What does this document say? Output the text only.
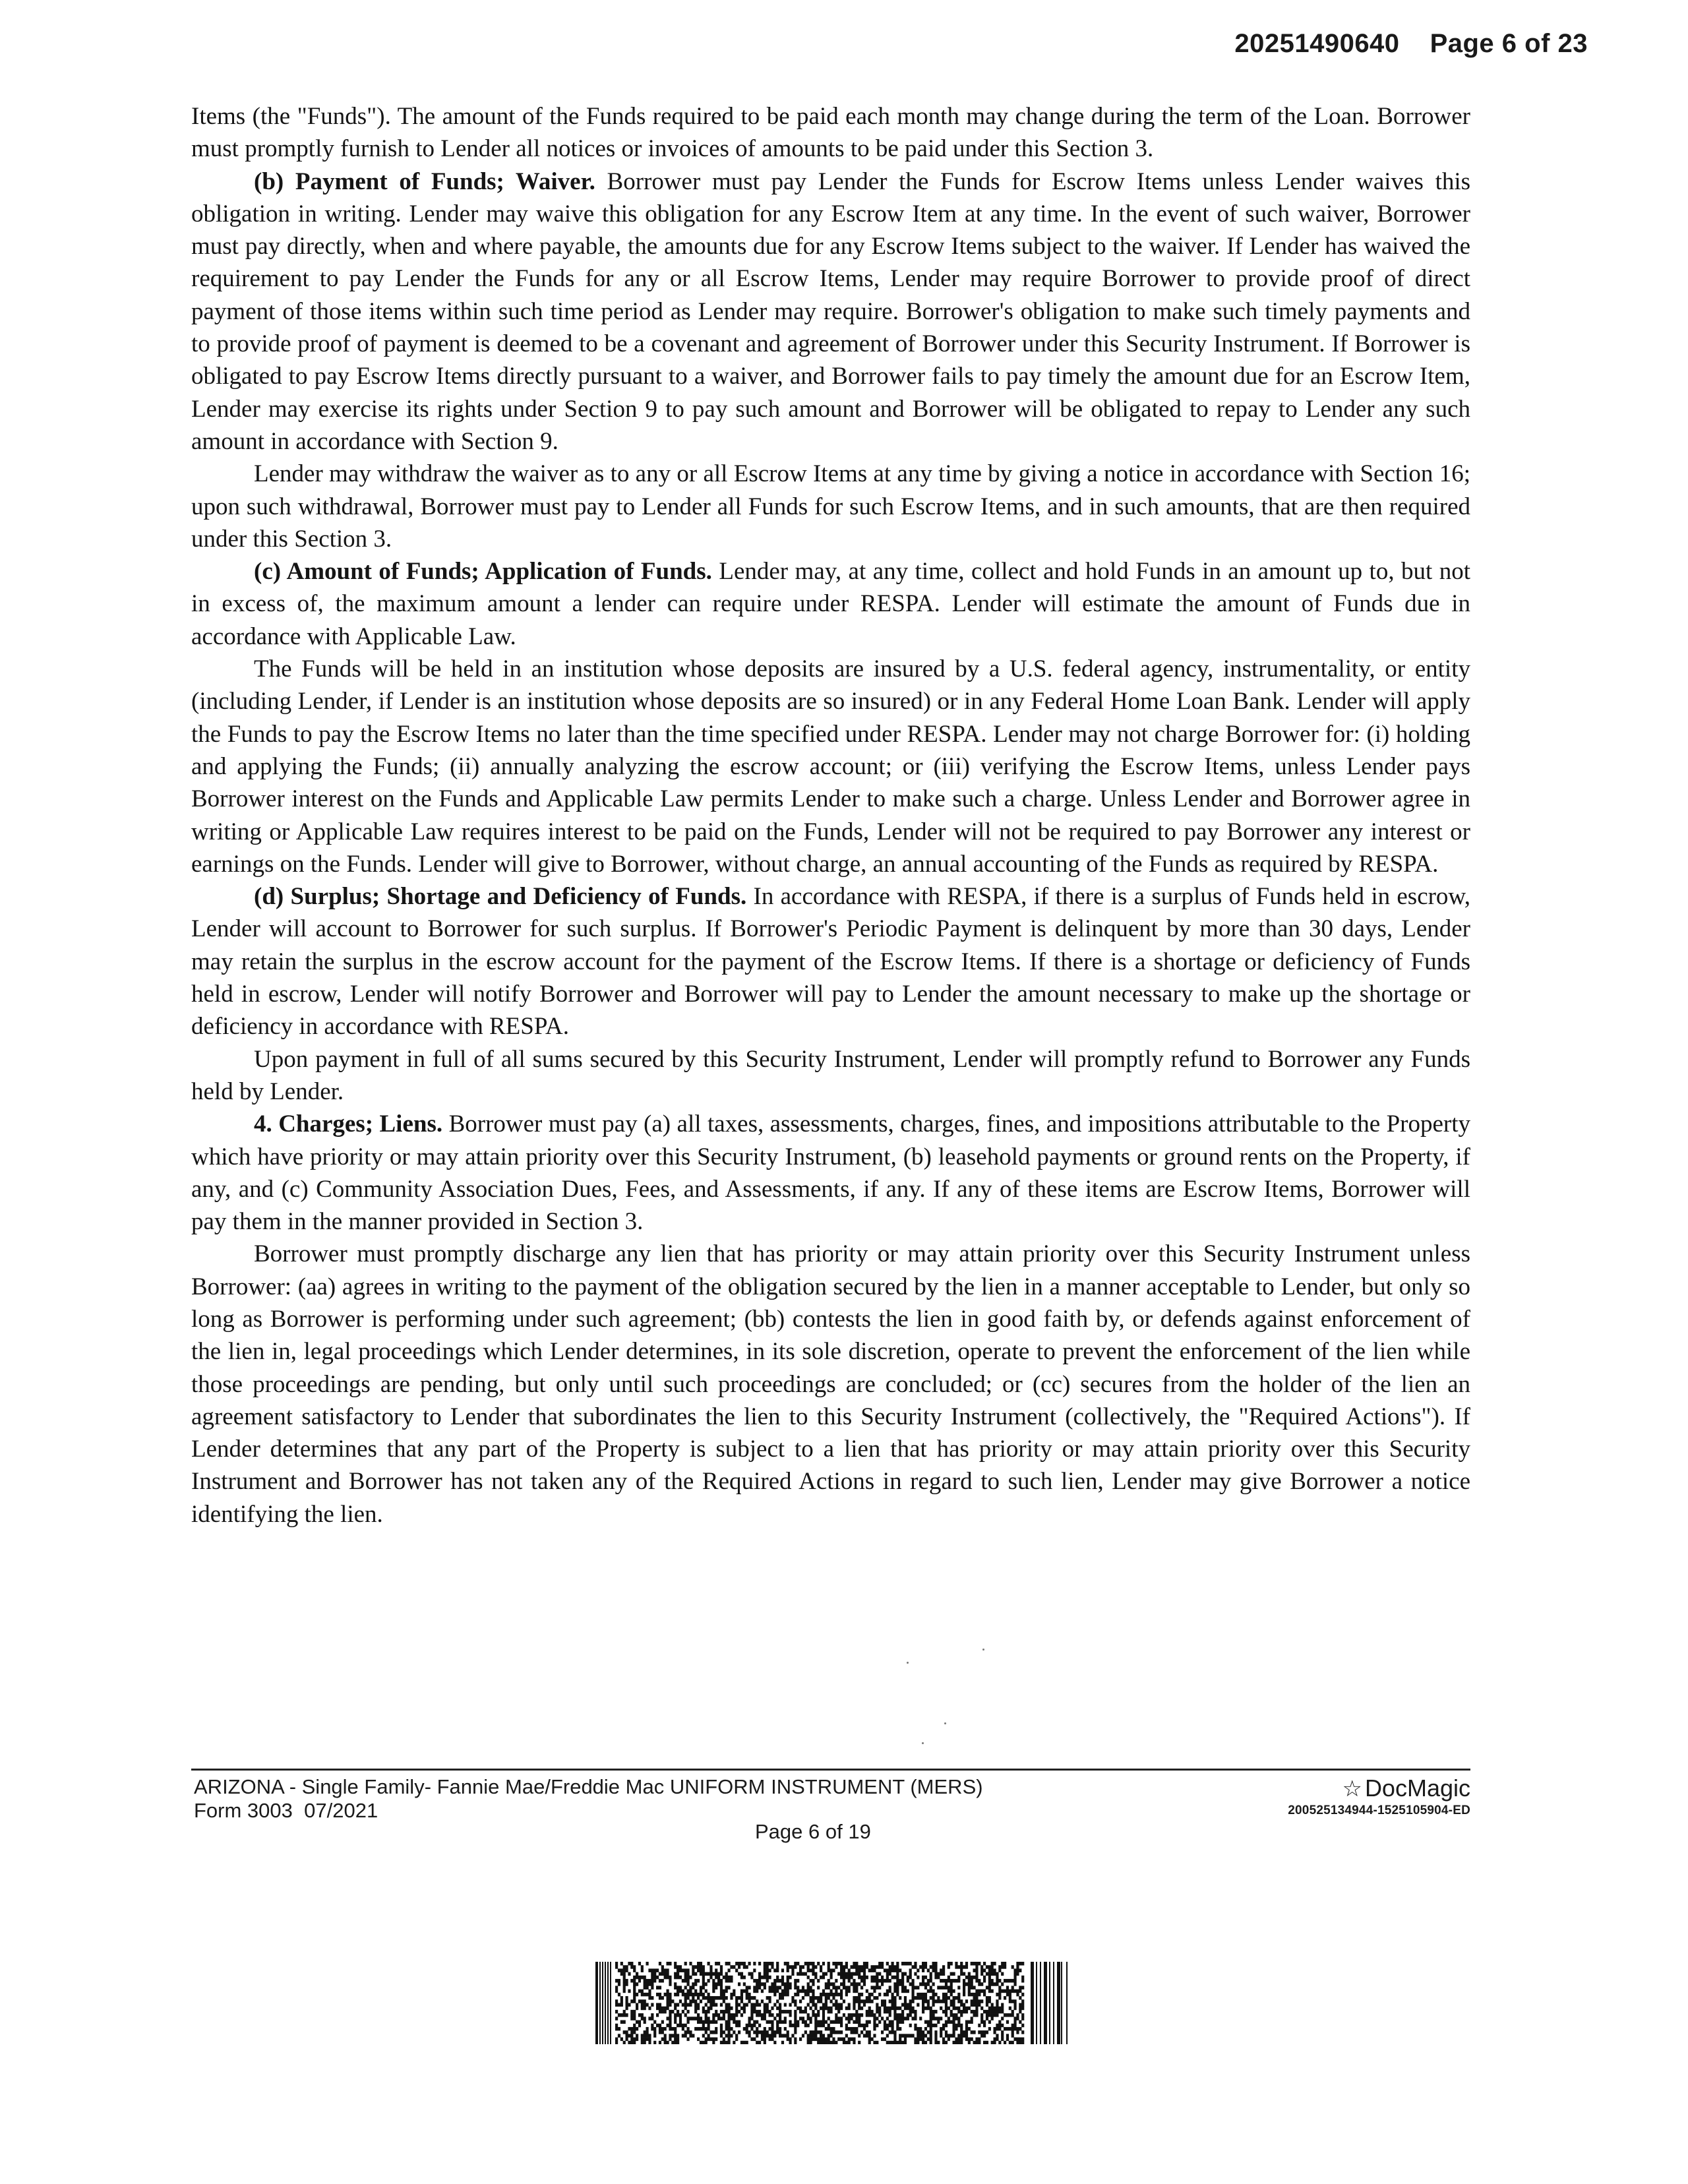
20251490640 Page 6 of 23

Items (the "Funds"). The amount of the Funds required to be paid each month may change during the term of the Loan. Borrower must promptly furnish to Lender all notices or invoices of amounts to be paid under this Section 3.

(b) Payment of Funds; Waiver. Borrower must pay Lender the Funds for Escrow Items unless Lender waives this obligation in writing. Lender may waive this obligation for any Escrow Item at any time. In the event of such waiver, Borrower must pay directly, when and where payable, the amounts due for any Escrow Items subject to the waiver. If Lender has waived the requirement to pay Lender the Funds for any or all Escrow Items, Lender may require Borrower to provide proof of direct payment of those items within such time period as Lender may require. Borrower's obligation to make such timely payments and to provide proof of payment is deemed to be a covenant and agreement of Borrower under this Security Instrument. If Borrower is obligated to pay Escrow Items directly pursuant to a waiver, and Borrower fails to pay timely the amount due for an Escrow Item, Lender may exercise its rights under Section 9 to pay such amount and Borrower will be obligated to repay to Lender any such amount in accordance with Section 9.

Lender may withdraw the waiver as to any or all Escrow Items at any time by giving a notice in accordance with Section 16; upon such withdrawal, Borrower must pay to Lender all Funds for such Escrow Items, and in such amounts, that are then required under this Section 3.

(c) Amount of Funds; Application of Funds. Lender may, at any time, collect and hold Funds in an amount up to, but not in excess of, the maximum amount a lender can require under RESPA. Lender will estimate the amount of Funds due in accordance with Applicable Law.

The Funds will be held in an institution whose deposits are insured by a U.S. federal agency, instrumentality, or entity (including Lender, if Lender is an institution whose deposits are so insured) or in any Federal Home Loan Bank. Lender will apply the Funds to pay the Escrow Items no later than the time specified under RESPA. Lender may not charge Borrower for: (i) holding and applying the Funds; (ii) annually analyzing the escrow account; or (iii) verifying the Escrow Items, unless Lender pays Borrower interest on the Funds and Applicable Law permits Lender to make such a charge. Unless Lender and Borrower agree in writing or Applicable Law requires interest to be paid on the Funds, Lender will not be required to pay Borrower any interest or earnings on the Funds. Lender will give to Borrower, without charge, an annual accounting of the Funds as required by RESPA.

(d) Surplus; Shortage and Deficiency of Funds. In accordance with RESPA, if there is a surplus of Funds held in escrow, Lender will account to Borrower for such surplus. If Borrower's Periodic Payment is delinquent by more than 30 days, Lender may retain the surplus in the escrow account for the payment of the Escrow Items. If there is a shortage or deficiency of Funds held in escrow, Lender will notify Borrower and Borrower will pay to Lender the amount necessary to make up the shortage or deficiency in accordance with RESPA.

Upon payment in full of all sums secured by this Security Instrument, Lender will promptly refund to Borrower any Funds held by Lender.

4. Charges; Liens. Borrower must pay (a) all taxes, assessments, charges, fines, and impositions attributable to the Property which have priority or may attain priority over this Security Instrument, (b) leasehold payments or ground rents on the Property, if any, and (c) Community Association Dues, Fees, and Assessments, if any. If any of these items are Escrow Items, Borrower will pay them in the manner provided in Section 3.

Borrower must promptly discharge any lien that has priority or may attain priority over this Security Instrument unless Borrower: (aa) agrees in writing to the payment of the obligation secured by the lien in a manner acceptable to Lender, but only so long as Borrower is performing under such agreement; (bb) contests the lien in good faith by, or defends against enforcement of the lien in, legal proceedings which Lender determines, in its sole discretion, operate to prevent the enforcement of the lien while those proceedings are pending, but only until such proceedings are concluded; or (cc) secures from the holder of the lien an agreement satisfactory to Lender that subordinates the lien to this Security Instrument (collectively, the "Required Actions"). If Lender determines that any part of the Property is subject to a lien that has priority or may attain priority over this Security Instrument and Borrower has not taken any of the Required Actions in regard to such lien, Lender may give Borrower a notice identifying the lien.

ARIZONA - Single Family- Fannie Mae/Freddie Mac UNIFORM INSTRUMENT (MERS)
Form 3003  07/2021
Page 6 of 19
☆ DocMagic
200525134944-1525105904-ED
